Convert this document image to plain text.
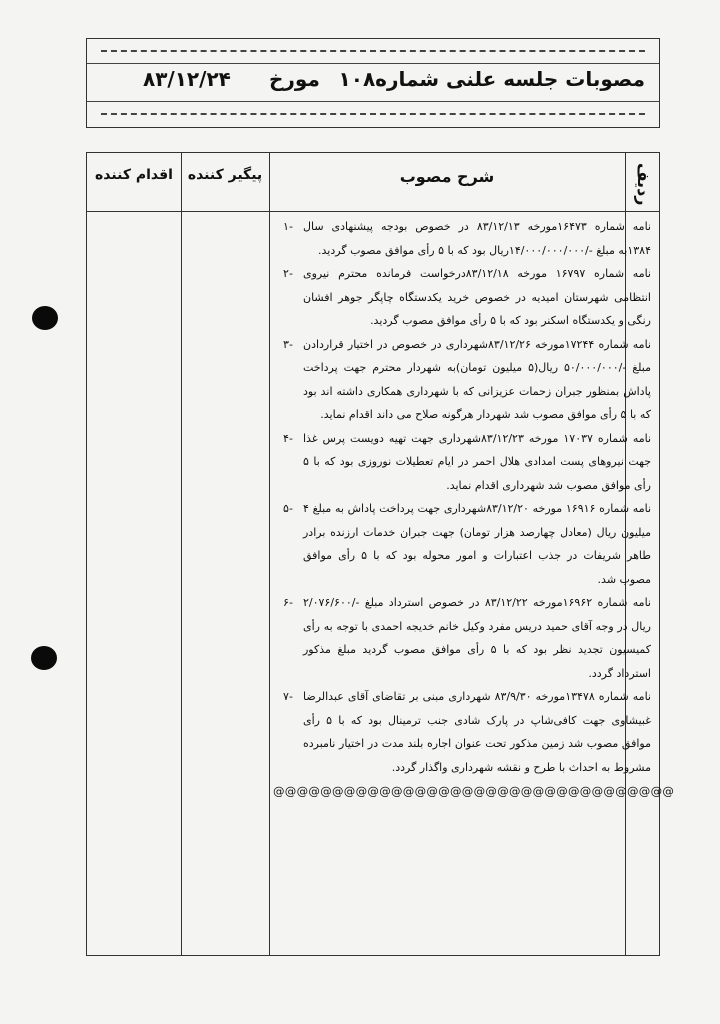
مصوبات جلسه علنی شماره۱۰۸
مورخ
۸۳/۱۲/۲۴
اقدام کننده	پیگیر کننده	شرح مصوب	ردیف
-۱ نامه شماره ۱۶۴۷۳مورخه ۸۳/۱۲/۱۳ در خصوص بودجه پیشنهادی سال ۱۳۸۴به مبلغ -/۱۴/۰۰۰/۰۰۰/۰۰۰ریال بود که با ۵ رأی موافق مصوب گردید.
-۲ نامه شماره ۱۶۷۹۷ مورخه ۸۳/۱۲/۱۸درخواست فرمانده محترم نیروی انتظامی شهرستان امیدیه در خصوص خرید یکدستگاه چاپگر جوهر افشان رنگی و یکدستگاه اسکنر بود که با ۵ رأی موافق مصوب گردید.
-۳ نامه شماره ۱۷۲۴۴مورخه ۸۳/۱۲/۲۶شهرداری در خصوص در اختیار قراردادن مبلغ -/۵۰/۰۰۰/۰۰۰ ریال(۵ میلیون تومان)به شهردار محترم جهت پرداخت پاداش بمنظور جبران زحمات عزیزانی که با شهرداری همکاری داشته اند بود که با ۵ رأی موافق مصوب شد شهردار هرگونه صلاح می داند اقدام نماید.
-۴ نامه شماره ۱۷۰۳۷ مورخه ۸۳/۱۲/۲۳شهرداری جهت تهیه دویست پرس غذا جهت نیروهای پست امدادی هلال احمر در ایام تعطیلات نوروزی بود که با ۵ رأی موافق مصوب شد شهرداری اقدام نماید.
-۵ نامه شماره ۱۶۹۱۶ مورخه ۸۳/۱۲/۲۰شهرداری جهت پرداخت پاداش به مبلغ ۴ میلیون ریال (معادل چهارصد هزار تومان) جهت جبران خدمات ارزنده برادر طاهر شریفات در جذب اعتبارات و امور محوله بود که با ۵ رأی موافق مصوب شد.
-۶ نامه شماره ۱۶۹۶۲مورخه ۸۳/۱۲/۲۲ در خصوص استرداد مبلغ -/۲/۰۷۶/۶۰۰ ریال در وجه آقای حمید دریس مفرد وکیل خانم خدیجه احمدی با توجه به رأی کمیسیون تجدید نظر بود که با ۵ رأی موافق مصوب گردید مبلغ مذکور استرداد گردد.
-۷ نامه شماره ۱۳۴۷۸مورخه ۸۳/۹/۳۰ شهرداری مبنی بر تقاضای آقای عبدالرضا غبیشاوی جهت کافی‌شاپ در پارک شادی جنب ترمینال بود که با ۵ رأی موافق مصوب شد زمین مذکور تحت عنوان اجاره بلند مدت در اختیار نامبرده مشروط به احداث با طرح و نقشه شهرداری واگذار گردد.
@@@@@@@@@@@@@@@@@@@@@@@@@@@@@@@@@@
